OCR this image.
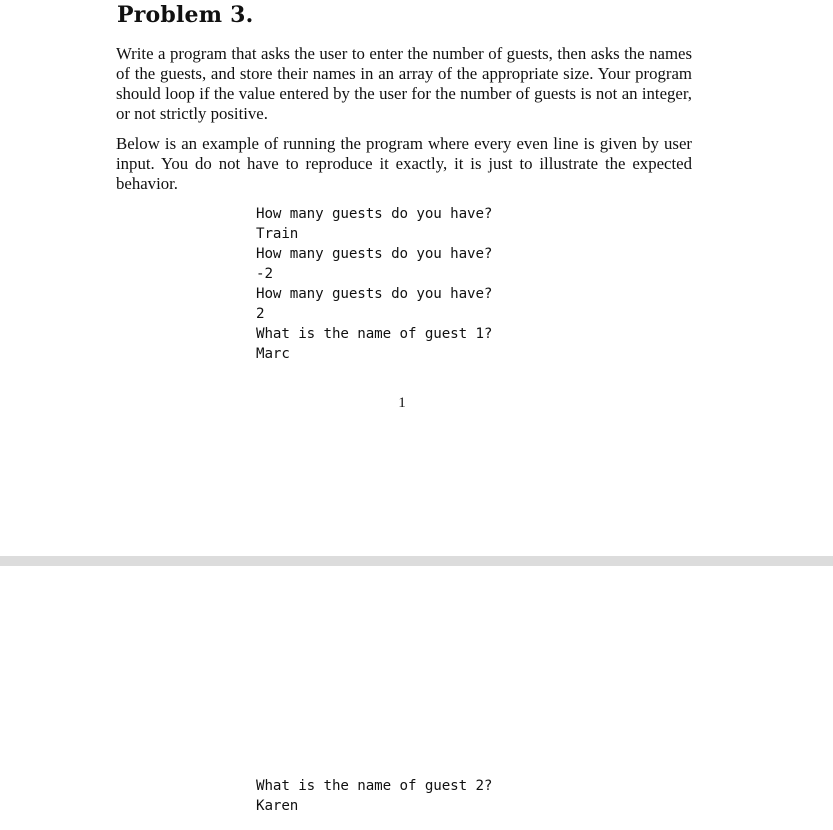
Problem 3.

Write a program that asks the user to enter the number of guests, then asks the names of the guests, and store their names in an array of the appropriate size. Your program should loop if the value entered by the user for the number of guests is not an integer, or not strictly positive.

Below is an example of running the program where every even line is given by user input. You do not have to reproduce it exactly, it is just to illustrate the expected behavior.

How many guests do you have?
Train
How many guests do you have?
-2
How many guests do you have?
2
What is the name of guest 1?
Marc
1
What is the name of guest 2?
Karen
